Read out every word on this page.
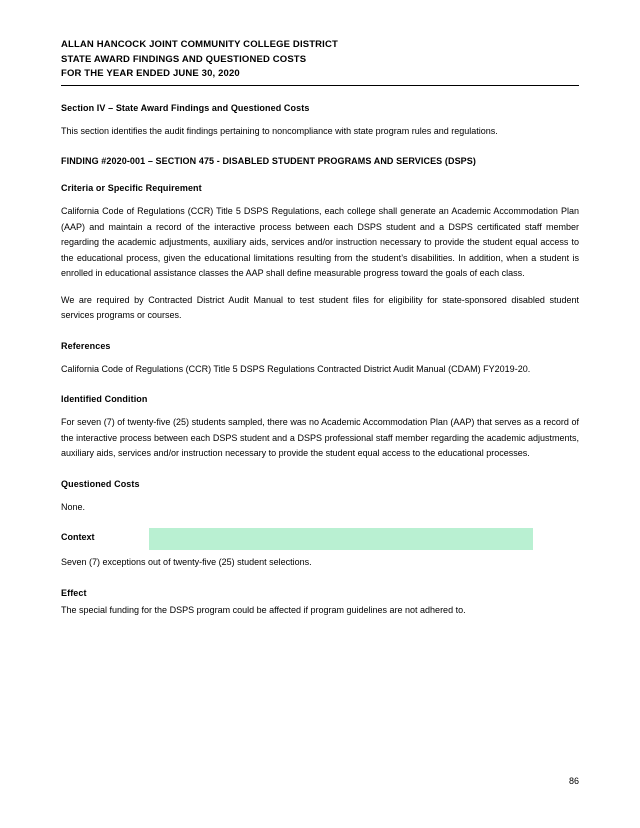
ALLAN HANCOCK JOINT COMMUNITY COLLEGE DISTRICT
STATE AWARD FINDINGS AND QUESTIONED COSTS
FOR THE YEAR ENDED JUNE 30, 2020
Section IV – State Award Findings and Questioned Costs

This section identifies the audit findings pertaining to noncompliance with state program rules and regulations.

FINDING #2020-001 – SECTION 475 - DISABLED STUDENT PROGRAMS AND SERVICES (DSPS)
Criteria or Specific Requirement

California Code of Regulations (CCR) Title 5 DSPS Regulations, each college shall generate an Academic Accommodation Plan (AAP) and maintain a record of the interactive process between each DSPS student and a DSPS certificated staff member regarding the academic adjustments, auxiliary aids, services and/or instruction necessary to provide the student equal access to the educational process, given the educational limitations resulting from the student’s disabilities. In addition, when a student is enrolled in educational assistance classes the AAP shall define measurable progress toward the goals of each class.

We are required by Contracted District Audit Manual to test student files for eligibility for state-sponsored disabled student services programs or courses.

References

California Code of Regulations (CCR) Title 5 DSPS Regulations Contracted District Audit Manual (CDAM) FY2019-20.

Identified Condition

For seven (7) of twenty-five (25) students sampled, there was no Academic Accommodation Plan (AAP) that serves as a record of the interactive process between each DSPS student and a DSPS professional staff member regarding the academic adjustments, auxiliary aids, services and/or instruction necessary to provide the student equal access to the educational processes.

Questioned Costs

None.

Context

Seven (7) exceptions out of twenty-five (25) student selections.

Effect

The special funding for the DSPS program could be affected if program guidelines are not adhered to.

86
